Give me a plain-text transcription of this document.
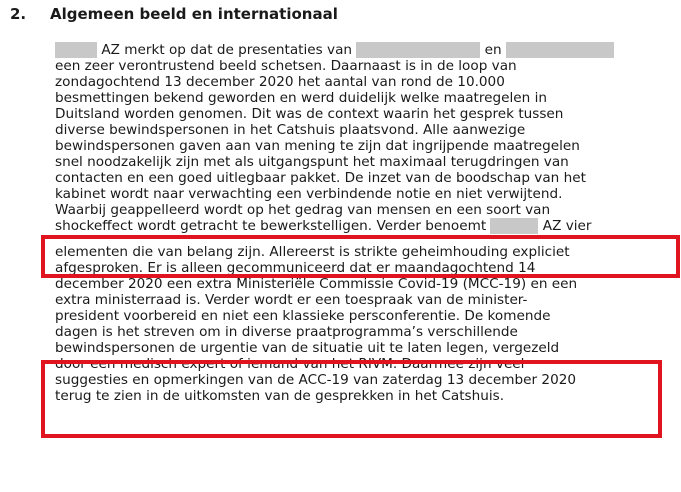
2. Algemeen beeld en internationaal
AZ merkt op dat de presentaties van	en
een zeer verontrustend beeld schetsen. Daarnaast is in de loop van
zondagochtend 13 december 2020 het aantal van rond de 10.000
besmettingen bekend geworden en werd duidelijk welke maatregelen in
Duitsland worden genomen. Dit was de context waarin het gesprek tussen
diverse bewindspersonen in het Catshuis plaatsvond. Alle aanwezige
bewindspersonen gaven aan van mening te zijn dat ingrijpende maatregelen
snel noodzakelijk zijn met als uitgangspunt het maximaal terugdringen van
contacten en een goed uitlegbaar pakket. De inzet van de boodschap van het
kabinet wordt naar verwachting een verbindende notie en niet verwijtend.
Waarbij geappelleerd wordt op het gedrag van mensen en een soort van
shockeffect wordt getracht te bewerkstelligen. Verder benoemt	AZ vier
elementen die van belang zijn. Allereerst is strikte geheimhouding expliciet
afgesproken. Er is alleen gecommuniceerd dat er maandagochtend 14
december 2020 een extra Ministeriële Commissie Covid-19 (MCC-19) en een
extra ministerraad is. Verder wordt er een toespraak van de minister-
president voorbereid en niet een klassieke persconferentie. De komende
dagen is het streven om in diverse praatprogramma’s verschillende
bewindspersonen de urgentie van de situatie uit te laten legen, vergezeld
door een medisch expert of iemand van het RIVM. Daarmee zijn veel
suggesties en opmerkingen van de ACC-19 van zaterdag 13 december 2020
terug te zien in de uitkomsten van de gesprekken in het Catshuis.
